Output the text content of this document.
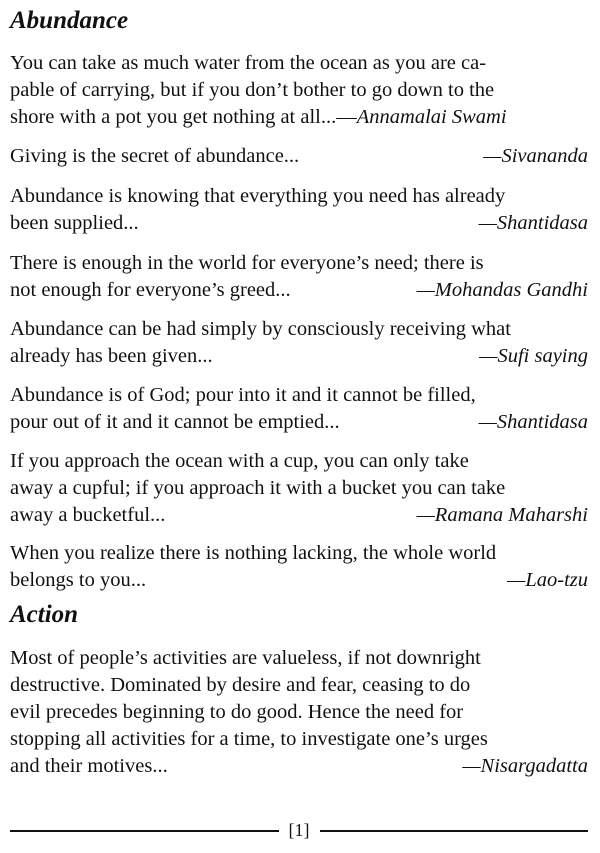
Abundance

You can take as much water from the ocean as you are ca-
pable of carrying, but if you don’t bother to go down to the
shore with a pot you get nothing at all...—Annamalai Swami

Giving is the secret of abundance...	—Sivananda

Abundance is knowing that everything you need has already

been supplied...	—Shantidasa

There is enough in the world for everyone’s need; there is

not enough for everyone’s greed...	—Mohandas Gandhi

Abundance can be had simply by consciously receiving what

already has been given...	—Sufi saying

Abundance is of God; pour into it and it cannot be filled,

pour out of it and it cannot be emptied...	—Shantidasa

If you approach the ocean with a cup, you can only take

away a cupful; if you approach it with a bucket you can take

away a bucketful...	—Ramana Maharshi

When you realize there is nothing lacking, the whole world

belongs to you...	—Lao-tzu
Action

Most of people’s activities are valueless, if not downright

destructive. Dominated by desire and fear, ceasing to do

evil precedes beginning to do good. Hence the need for

stopping all activities for a time, to investigate one’s urges

and their motives...	—Nisargadatta
[1]
